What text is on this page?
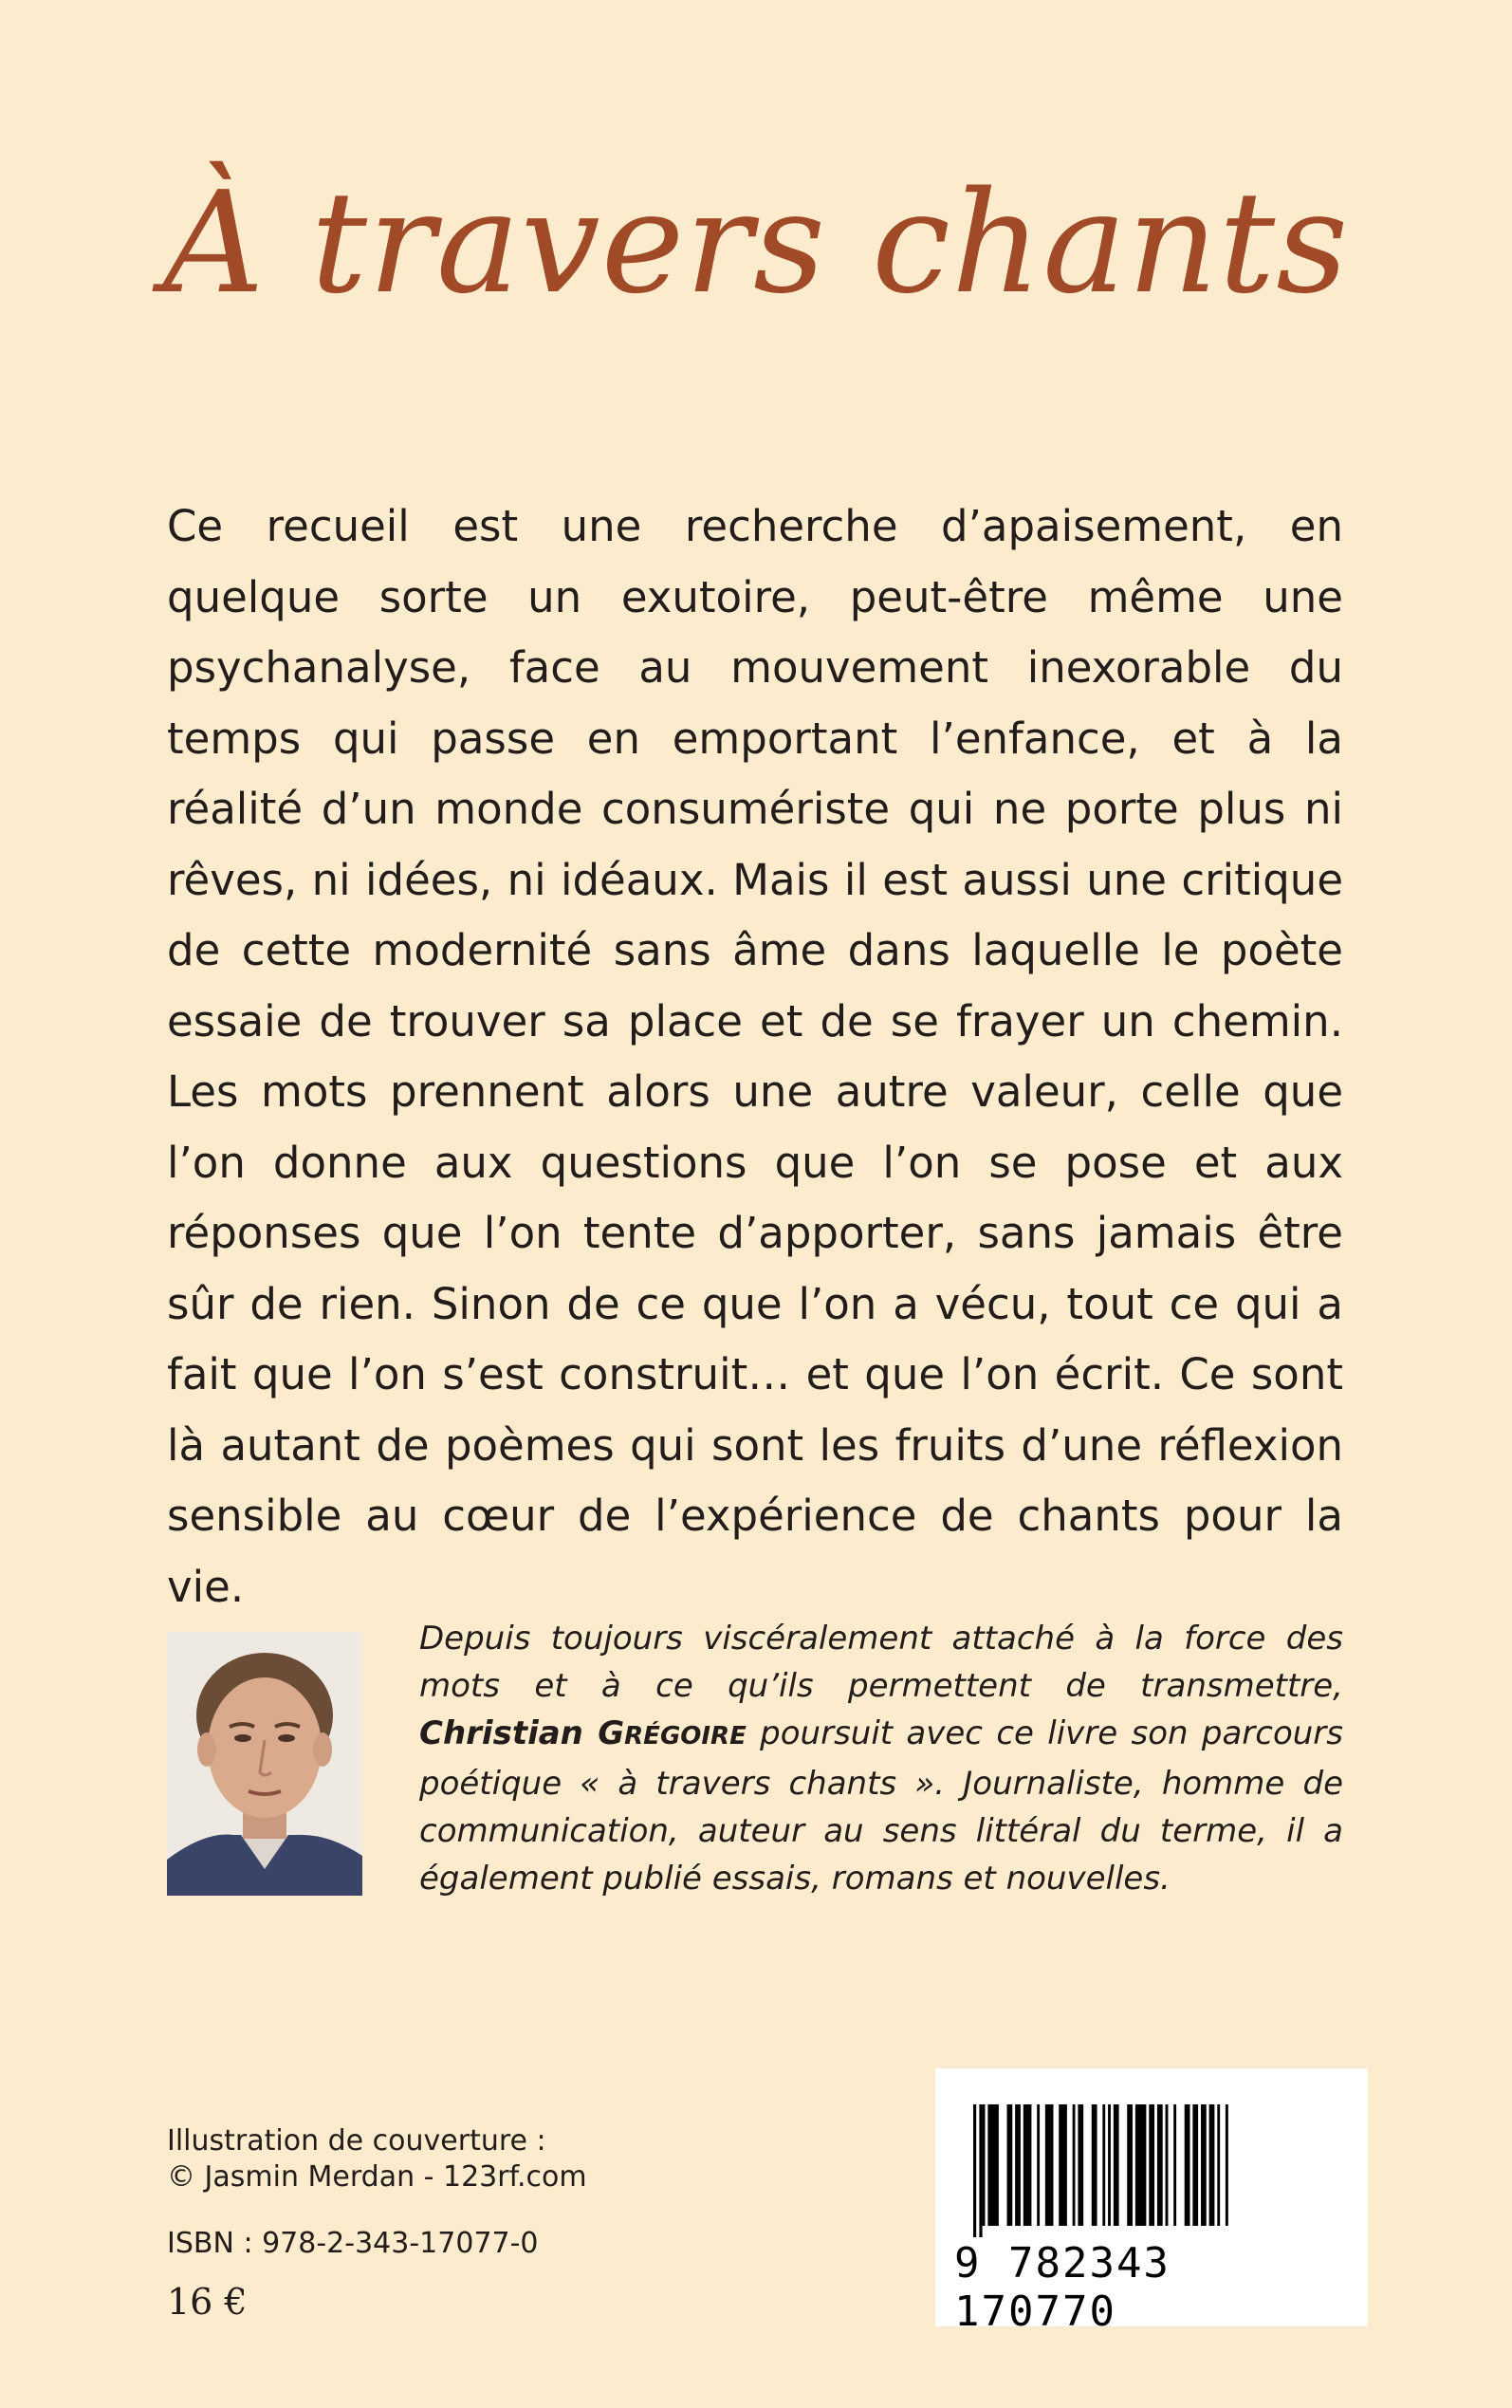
À travers chants

Ce recueil est une recherche d’apaisement, en quelque sorte un exutoire, peut-être même une psychanalyse, face au mouvement inexorable du temps qui passe en emportant l’enfance, et à la réalité d’un monde consumériste qui ne porte plus ni rêves, ni idées, ni idéaux. Mais il est aussi une critique de cette modernité sans âme dans laquelle le poète essaie de trouver sa place et de se frayer un chemin. Les mots prennent alors une autre valeur, celle que l’on donne aux questions que l’on se pose et aux réponses que l’on tente d’apporter, sans jamais être sûr de rien. Sinon de ce que l’on a vécu, tout ce qui a fait que l’on s’est construit… et que l’on écrit. Ce sont là autant de poèmes qui sont les fruits d’une réflexion sensible au cœur de l’expérience de chants pour la vie.

Depuis toujours viscéralement attaché à la force des mots et à ce qu’ils permettent de transmettre, Christian GRÉGOIRE poursuit avec ce livre son parcours poétique « à travers chants ». Journaliste, homme de communication, auteur au sens littéral du terme, il a également publié essais, romans et nouvelles.

Illustration de couverture :
© Jasmin Merdan - 123rf.com
ISBN : 978-2-343-17077-0
16 €
9 782343 170770
